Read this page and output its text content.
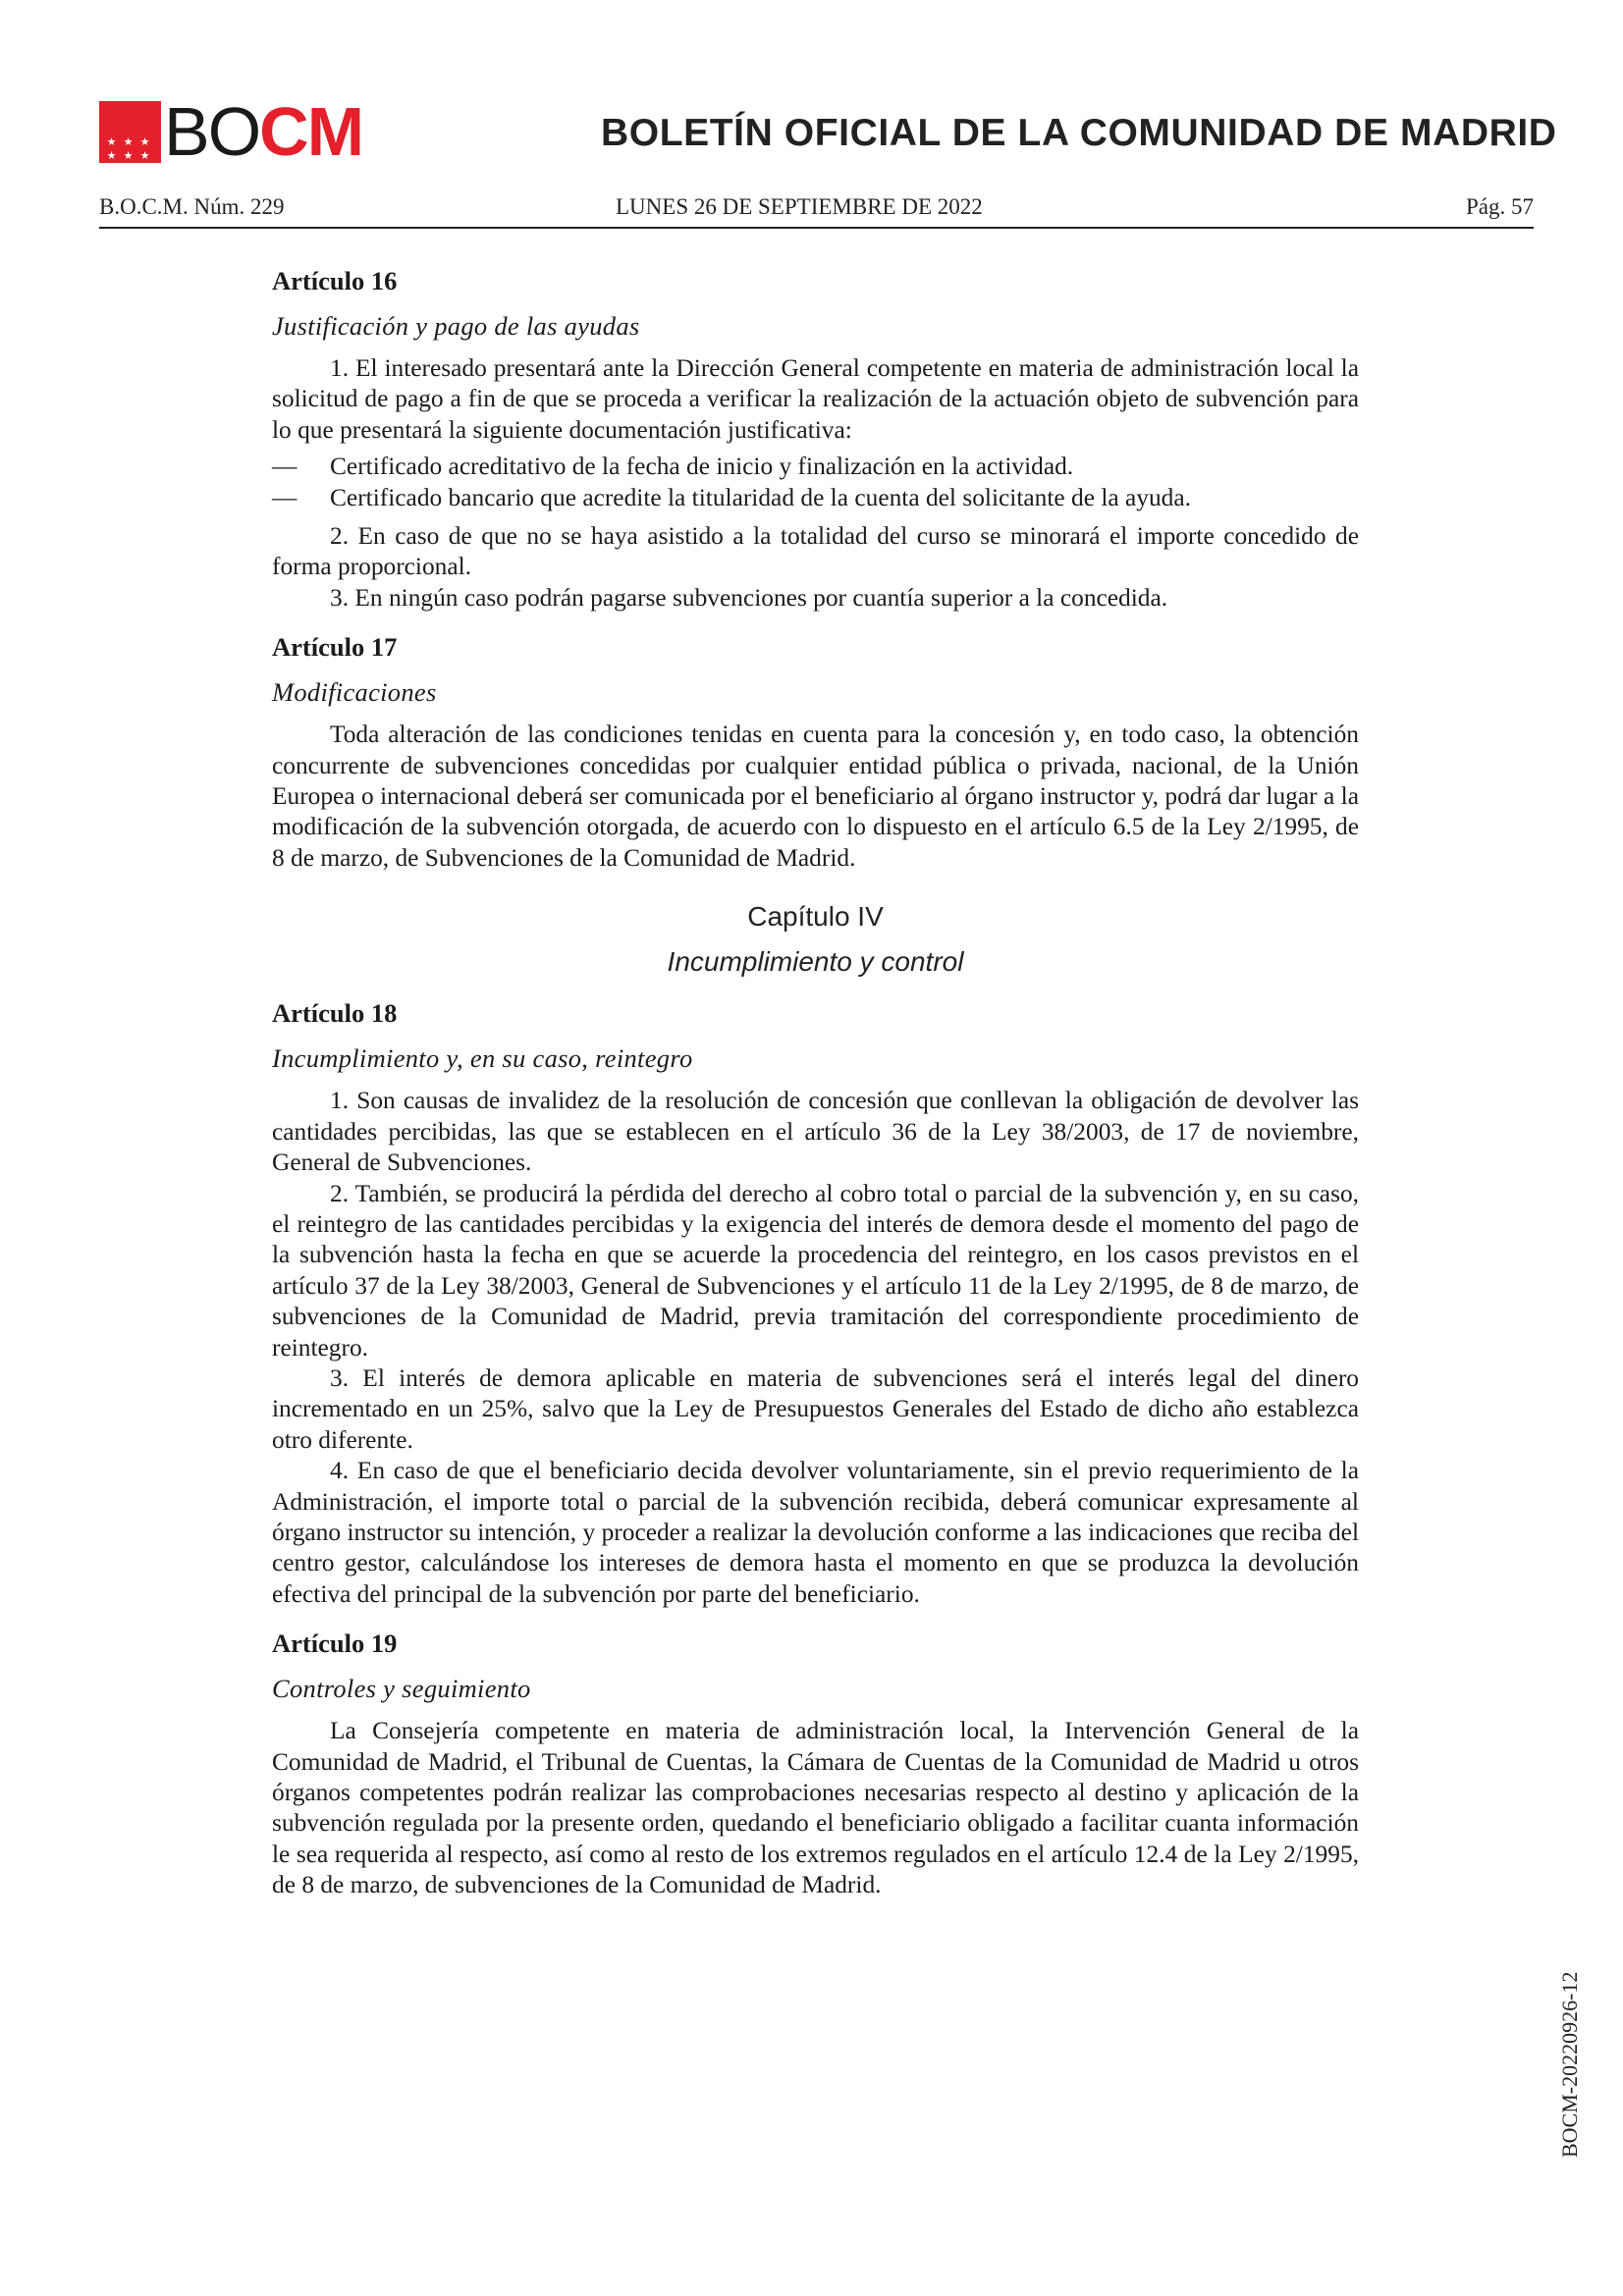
★ ★ ★
★ ★ ★
★ BO CM	BOLETÍN OFICIAL DE LA COMUNIDAD DE MADRID
B.O.C.M. Núm. 229	LUNES 26 DE SEPTIEMBRE DE 2022	Pág. 57
Artículo 16
Justificación y pago de las ayudas

1. El interesado presentará ante la Dirección General competente en materia de administración local la solicitud de pago a fin de que se proceda a verificar la realización de la actuación objeto de subvención para lo que presentará la siguiente documentación justificativa:

—	Certificado acreditativo de la fecha de inicio y finalización en la actividad.
—	Certificado bancario que acredite la titularidad de la cuenta del solicitante de la ayuda.

2. En caso de que no se haya asistido a la totalidad del curso se minorará el importe concedido de forma proporcional.

3. En ningún caso podrán pagarse subvenciones por cuantía superior a la concedida.

Artículo 17
Modificaciones

Toda alteración de las condiciones tenidas en cuenta para la concesión y, en todo caso, la obtención concurrente de subvenciones concedidas por cualquier entidad pública o privada, nacional, de la Unión Europea o internacional deberá ser comunicada por el beneficiario al órgano instructor y, podrá dar lugar a la modificación de la subvención otorgada, de acuerdo con lo dispuesto en el artículo 6.5 de la Ley 2/1995, de 8 de marzo, de Subvenciones de la Comunidad de Madrid.

Capítulo IV
Incumplimiento y control
Artículo 18
Incumplimiento y, en su caso, reintegro

1. Son causas de invalidez de la resolución de concesión que conllevan la obligación de devolver las cantidades percibidas, las que se establecen en el artículo 36 de la Ley 38/2003, de 17 de noviembre, General de Subvenciones.

2. También, se producirá la pérdida del derecho al cobro total o parcial de la subvención y, en su caso, el reintegro de las cantidades percibidas y la exigencia del interés de demora desde el momento del pago de la subvención hasta la fecha en que se acuerde la procedencia del reintegro, en los casos previstos en el artículo 37 de la Ley 38/2003, General de Subvenciones y el artículo 11 de la Ley 2/1995, de 8 de marzo, de subvenciones de la Comunidad de Madrid, previa tramitación del correspondiente procedimiento de reintegro.

3. El interés de demora aplicable en materia de subvenciones será el interés legal del dinero incrementado en un 25%, salvo que la Ley de Presupuestos Generales del Estado de dicho año establezca otro diferente.

4. En caso de que el beneficiario decida devolver voluntariamente, sin el previo requerimiento de la Administración, el importe total o parcial de la subvención recibida, deberá comunicar expresamente al órgano instructor su intención, y proceder a realizar la devolución conforme a las indicaciones que reciba del centro gestor, calculándose los intereses de demora hasta el momento en que se produzca la devolución efectiva del principal de la subvención por parte del beneficiario.

Artículo 19
Controles y seguimiento

La Consejería competente en materia de administración local, la Intervención General de la Comunidad de Madrid, el Tribunal de Cuentas, la Cámara de Cuentas de la Comunidad de Madrid u otros órganos competentes podrán realizar las comprobaciones necesarias respecto al destino y aplicación de la subvención regulada por la presente orden, quedando el beneficiario obligado a facilitar cuanta información le sea requerida al respecto, así como al resto de los extremos regulados en el artículo 12.4 de la Ley 2/1995, de 8 de marzo, de subvenciones de la Comunidad de Madrid.

BOCM-20220926-12
